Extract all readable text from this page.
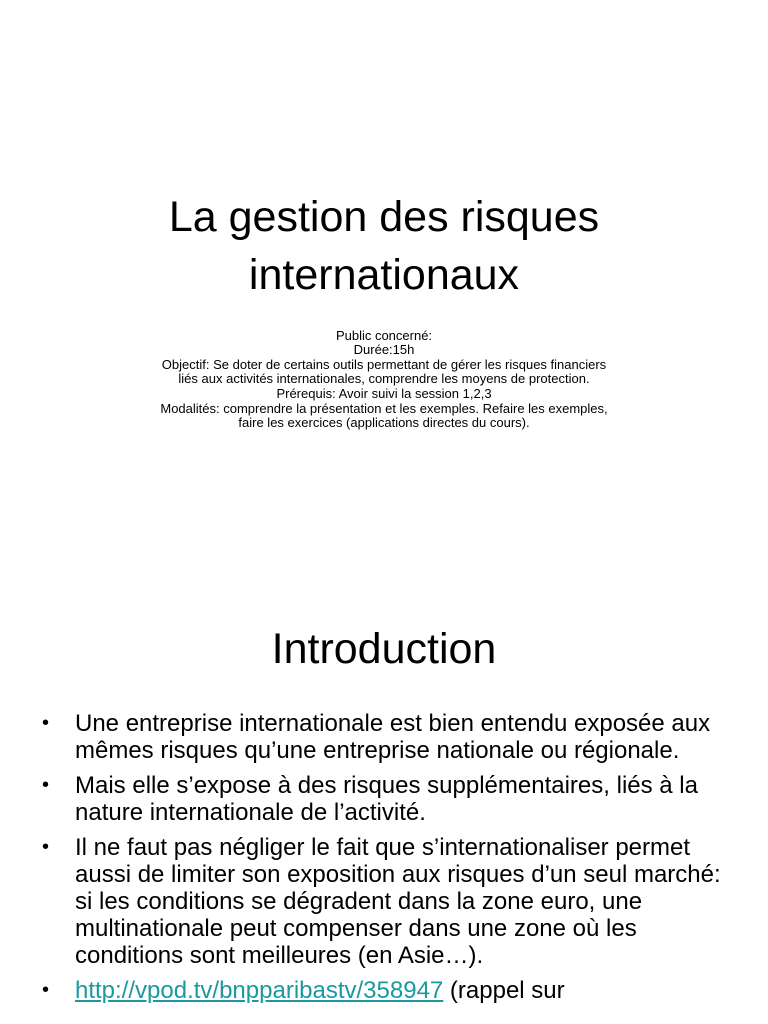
La gestion des risques
internationaux
Public concerné:
Durée:15h
Objectif: Se doter de certains outils permettant de gérer les risques financiers
liés aux activités internationales, comprendre les moyens de protection.
Prérequis: Avoir suivi la session 1,2,3
Modalités: comprendre la présentation et les exemples. Refaire les exemples,
faire les exercices (applications directes du cours).
Introduction
• Une entreprise internationale est bien entendu exposée aux mêmes risques qu’une entreprise nationale ou régionale.
• Mais elle s’expose à des risques supplémentaires, liés à la nature internationale de l’activité.
• Il ne faut pas négliger le fait que s’internationaliser permet aussi de limiter son exposition aux risques d’un seul marché: si les conditions se dégradent dans la zone euro, une multinationale peut compenser dans une zone où les conditions sont meilleures (en Asie…).
• http://vpod.tv/bnpparibastv/358947 (rappel sur
